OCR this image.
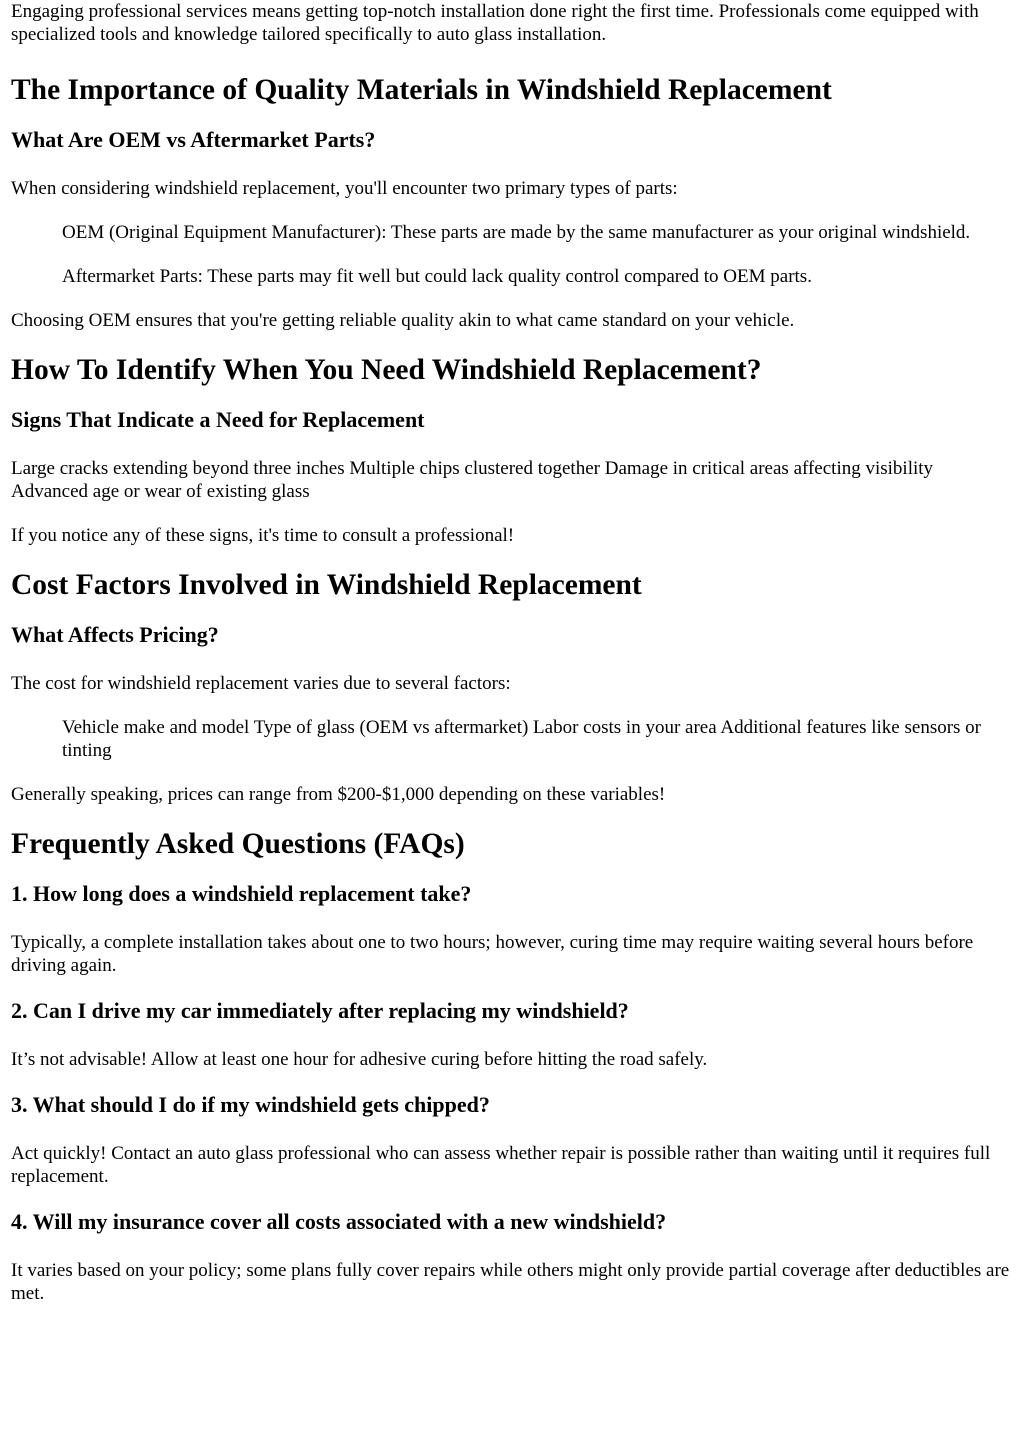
Engaging professional services means getting top-notch installation done right the first time. Professionals come equipped with specialized tools and knowledge tailored specifically to auto glass installation.

The Importance of Quality Materials in Windshield Replacement
What Are OEM vs Aftermarket Parts?

When considering windshield replacement, you'll encounter two primary types of parts:

OEM (Original Equipment Manufacturer): These parts are made by the same manufacturer as your original windshield.

Aftermarket Parts: These parts may fit well but could lack quality control compared to OEM parts.

Choosing OEM ensures that you're getting reliable quality akin to what came standard on your vehicle.

How To Identify When You Need Windshield Replacement?
Signs That Indicate a Need for Replacement

Large cracks extending beyond three inches Multiple chips clustered together Damage in critical areas affecting visibility Advanced age or wear of existing glass

If you notice any of these signs, it's time to consult a professional!

Cost Factors Involved in Windshield Replacement
What Affects Pricing?

The cost for windshield replacement varies due to several factors:

Vehicle make and model Type of glass (OEM vs aftermarket) Labor costs in your area Additional features like sensors or tinting

Generally speaking, prices can range from $200-$1,000 depending on these variables!

Frequently Asked Questions (FAQs)
1. How long does a windshield replacement take?

Typically, a complete installation takes about one to two hours; however, curing time may require waiting several hours before driving again.

2. Can I drive my car immediately after replacing my windshield?

It’s not advisable! Allow at least one hour for adhesive curing before hitting the road safely.

3. What should I do if my windshield gets chipped?

Act quickly! Contact an auto glass professional who can assess whether repair is possible rather than waiting until it requires full replacement.

4. Will my insurance cover all costs associated with a new windshield?

It varies based on your policy; some plans fully cover repairs while others might only provide partial coverage after deductibles are met.
